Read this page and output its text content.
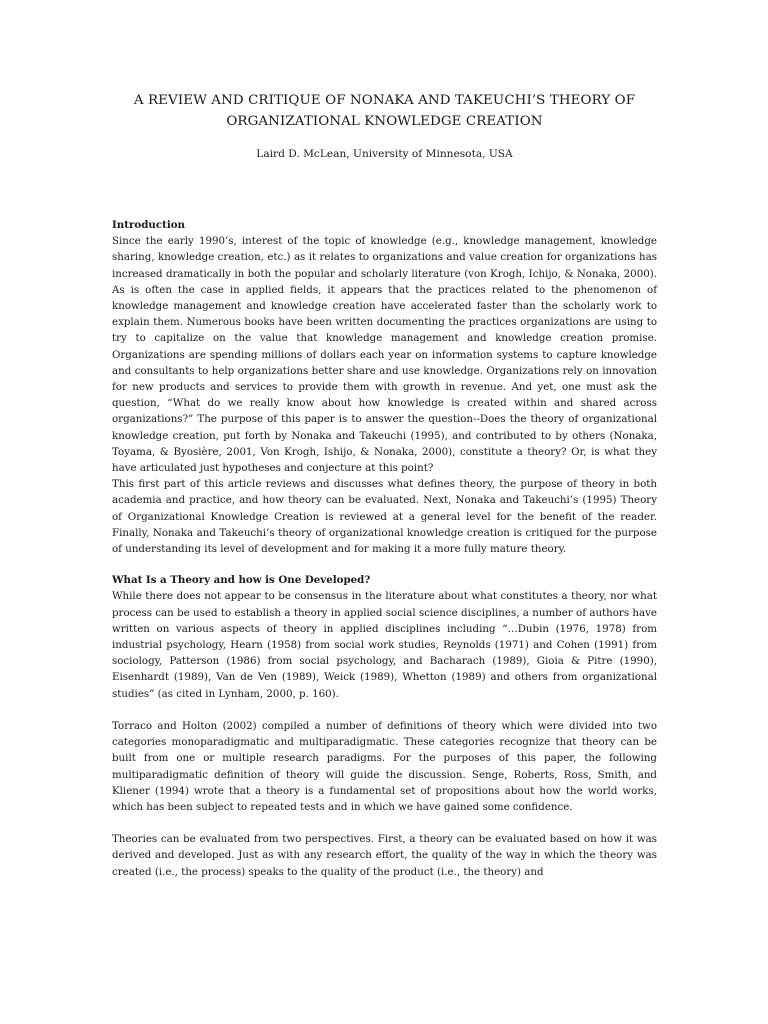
A REVIEW AND CRITIQUE OF NONAKA AND TAKEUCHI’S THEORY OF
ORGANIZATIONAL KNOWLEDGE CREATION

Laird D. McLean, University of Minnesota, USA

Introduction

Since the early 1990’s, interest of the topic of knowledge (e.g., knowledge management, knowledge sharing, knowledge creation, etc.) as it relates to organizations and value creation for organizations has increased dramatically in both the popular and scholarly literature (von Krogh, Ichijo, & Nonaka, 2000). As is often the case in applied fields, it appears that the practices related to the phenomenon of knowledge management and knowledge creation have accelerated faster than the scholarly work to explain them. Numerous books have been written documenting the practices organizations are using to try to capitalize on the value that knowledge management and knowledge creation promise. Organizations are spending millions of dollars each year on information systems to capture knowledge and consultants to help organizations better share and use knowledge. Organizations rely on innovation for new products and services to provide them with growth in revenue. And yet, one must ask the question, “What do we really know about how knowledge is created within and shared across organizations?” The purpose of this paper is to answer the question--Does the theory of organizational knowledge creation, put forth by Nonaka and Takeuchi (1995), and contributed to by others (Nonaka, Toyama, & Byosière, 2001, Von Krogh, Ishijo, & Nonaka, 2000), constitute a theory? Or, is what they have articulated just hypotheses and conjecture at this point?

This first part of this article reviews and discusses what defines theory, the purpose of theory in both academia and practice, and how theory can be evaluated. Next, Nonaka and Takeuchi’s (1995) Theory of Organizational Knowledge Creation is reviewed at a general level for the benefit of the reader. Finally, Nonaka and Takeuchi’s theory of organizational knowledge creation is critiqued for the purpose of understanding its level of development and for making it a more fully mature theory.

What Is a Theory and how is One Developed?

While there does not appear to be consensus in the literature about what constitutes a theory, nor what process can be used to establish a theory in applied social science disciplines, a number of authors have written on various aspects of theory in applied disciplines including “…Dubin (1976, 1978) from industrial psychology, Hearn (1958) from social work studies, Reynolds (1971) and Cohen (1991) from sociology, Patterson (1986) from social psychology, and Bacharach (1989), Gioia & Pitre (1990), Eisenhardt (1989), Van de Ven (1989), Weick (1989), Whetton (1989) and others from organizational studies” (as cited in Lynham, 2000, p. 160).

Torraco and Holton (2002) compiled a number of definitions of theory which were divided into two categories monoparadigmatic and multiparadigmatic. These categories recognize that theory can be built from one or multiple research paradigms. For the purposes of this paper, the following multiparadigmatic definition of theory will guide the discussion. Senge, Roberts, Ross, Smith, and Kliener (1994) wrote that a theory is a fundamental set of propositions about how the world works, which has been subject to repeated tests and in which we have gained some confidence.

Theories can be evaluated from two perspectives. First, a theory can be evaluated based on how it was derived and developed. Just as with any research effort, the quality of the way in which the theory was created (i.e., the process) speaks to the quality of the product (i.e., the theory) and
